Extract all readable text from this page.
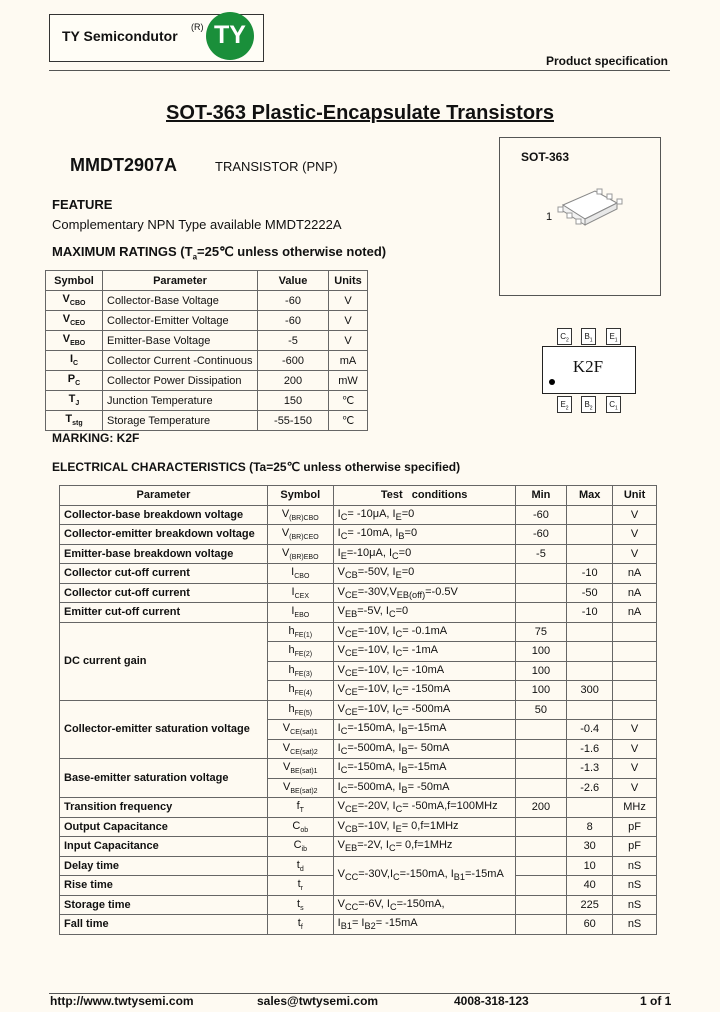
TY Semicondutor
(R) TY
Product specification
SOT-363 Plastic-Encapsulate Transistors
MMDT2907A	TRANSISTOR (PNP)
FEATURE
Complementary NPN Type available MMDT2222A
MAXIMUM RATINGS ($T_a=25℃$ unless otherwise noted)
SOT-363
1
K2F
Symbol	Parameter	Value	Units
$V_{CBO}$	Collector-Base Voltage	-60	V
$V_{CEO}$	Collector-Emitter Voltage	-60	V
$V_{EBO}$	Emitter-Base Voltage	-5	V
$I_C$	Collector Current -Continuous	-600	mA
$P_C$	Collector Power Dissipation	200	mW
$T_J$	Junction Temperature	150	℃
$T_{stg}$	Storage Temperature	-55-150	℃
MARKING: K2F
ELECTRICAL CHARACTERISTICS (Ta=25℃ unless otherwise specified)
Parameter	Symbol	Test   conditions	Min	Max	Unit
Collector-base breakdown voltage	$V_{(BR)CBO}$	$I_C= -10\mu A$, $I_E=0$	-60		V
Collector-emitter breakdown voltage	$V_{(BR)CEO}$	$I_C= -10mA$, $I_B=0$	-60		V
Emitter-base breakdown voltage	$V_{(BR)EBO}$	$I_E=-10\mu A$, $I_C=0$	-5		V
Collector cut-off current	$I_{CBO}$	$V_{CB}=-50V$, $I_E=0$		-10	nA
Collector cut-off current	$I_{CEX}$	$V_{CE}=-30V,V_{EB(off)}=-0.5V$		-50	nA
Emitter cut-off current	$I_{EBO}$	$V_{EB}=-5V$, $I_C=0$		-10	nA
DC current gain	$h_{FE(1)}$	$V_{CE}=-10V$, $I_C= -0.1mA$	75		
	$h_{FE(2)}$	$V_{CE}=-10V$, $I_C= -1mA$	100		
	$h_{FE(3)}$	$V_{CE}=-10V$, $I_C= -10mA$	100		
	$h_{FE(4)}$	$V_{CE}=-10V$, $I_C= -150mA$	100	300	
Collector-emitter saturation voltage	$h_{FE(5)}$	$V_{CE}=-10V$, $I_C= -500mA$	50		
	$V_{CE(sat)1}$	$I_C=-150mA$, $I_B=-15mA$		-0.4	V
	$V_{CE(sat)2}$	$I_C=-500mA$, $I_B=-$ 50mA		-1.6	V
Base-emitter saturation voltage	$V_{BE(sat)1}$	$I_C=-150mA$, $I_B=-15mA$		-1.3	V
	$V_{BE(sat)2}$	$I_C=-500mA$, $I_B= -50mA$		-2.6	V
Transition frequency	$f_T$	$V_{CE}=-20V$, $I_C= -50mA,f=100MHz$	200		MHz
Output Capacitance	$C_{ob}$	$V_{CB}=-10V$, $I_E= 0,f=1MHz$		8	pF
Input Capacitance	$C_{ib}$	$V_{EB}=-2V$, $I_C= 0,f=1MHz$		30	pF
Delay time	$t_d$	$V_{CC}=-30V,I_C=-150mA$, $I_{B1}=-15mA$		10	nS
Rise time	$t_r$			40	nS
Storage time	$t_s$	$V_{CC}=-6V$, $I_C=-150mA$,		225	nS
Fall time	$t_f$	$I_{B1}= I_{B2}= -15mA$		60	nS
http://www.twtysemi.com	sales@twtysemi.com	4008-318-123	1 of 1
$C_2$	$B_1$	$E_1$
$E_2$	$B_2$	$C_1$
